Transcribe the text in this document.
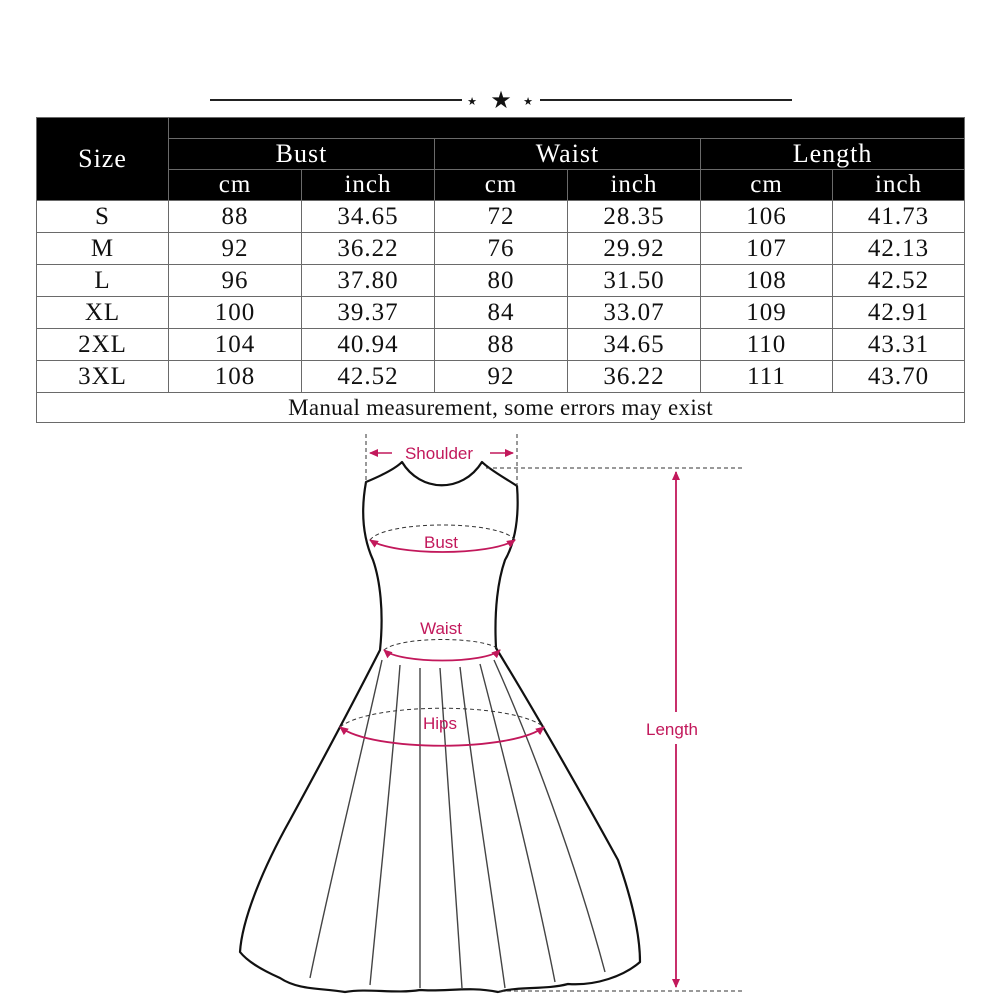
★ ★ ★
Size						
	Bust		Waist		Length	
	cm	inch	cm	inch	cm	inch
S	88	34.65	72	28.35	106	41.73
M	92	36.22	76	29.92	107	42.13
L	96	37.80	80	31.50	108	42.52
XL	100	39.37	84	33.07	109	42.91
2XL	104	40.94	88	34.65	110	43.31
3XL	108	42.52	92	36.22	111	43.70
Manual measurement, some errors may exist						
Shoulder
Bust
Waist
Hips	Length
